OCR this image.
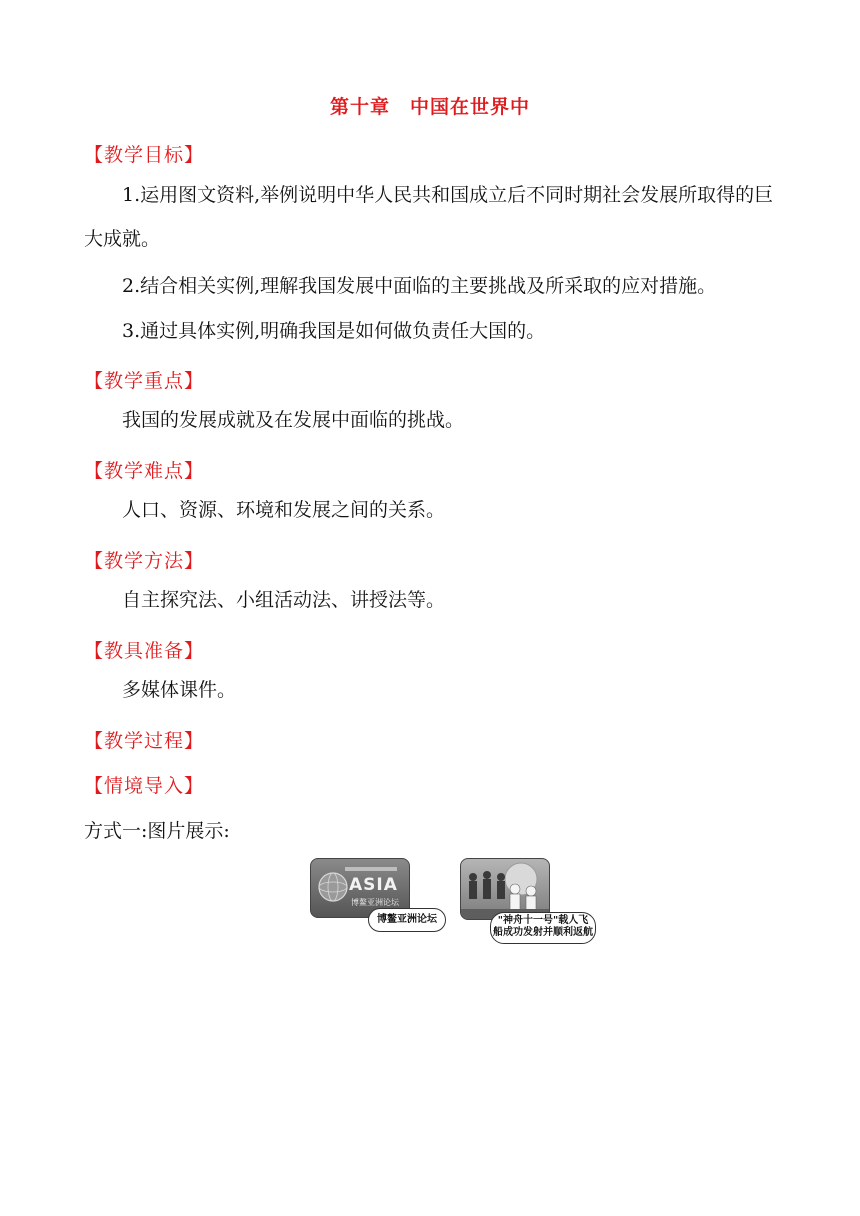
第十章　中国在世界中
【教学目标】
1.运用图文资料,举例说明中华人民共和国成立后不同时期社会发展所取得的巨大成就。
2.结合相关实例,理解我国发展中面临的主要挑战及所采取的应对措施。
3.通过具体实例,明确我国是如何做负责任大国的。
【教学重点】
我国的发展成就及在发展中面临的挑战。
【教学难点】
人口、资源、环境和发展之间的关系。
【教学方法】
自主探究法、小组活动法、讲授法等。
【教具准备】
多媒体课件。
【教学过程】
【情境导入】
方式一:图片展示:
ASIA
博鳌亚洲论坛
博鳌亚洲论坛	"神舟十一号"载人飞
船成功发射并顺利返航
